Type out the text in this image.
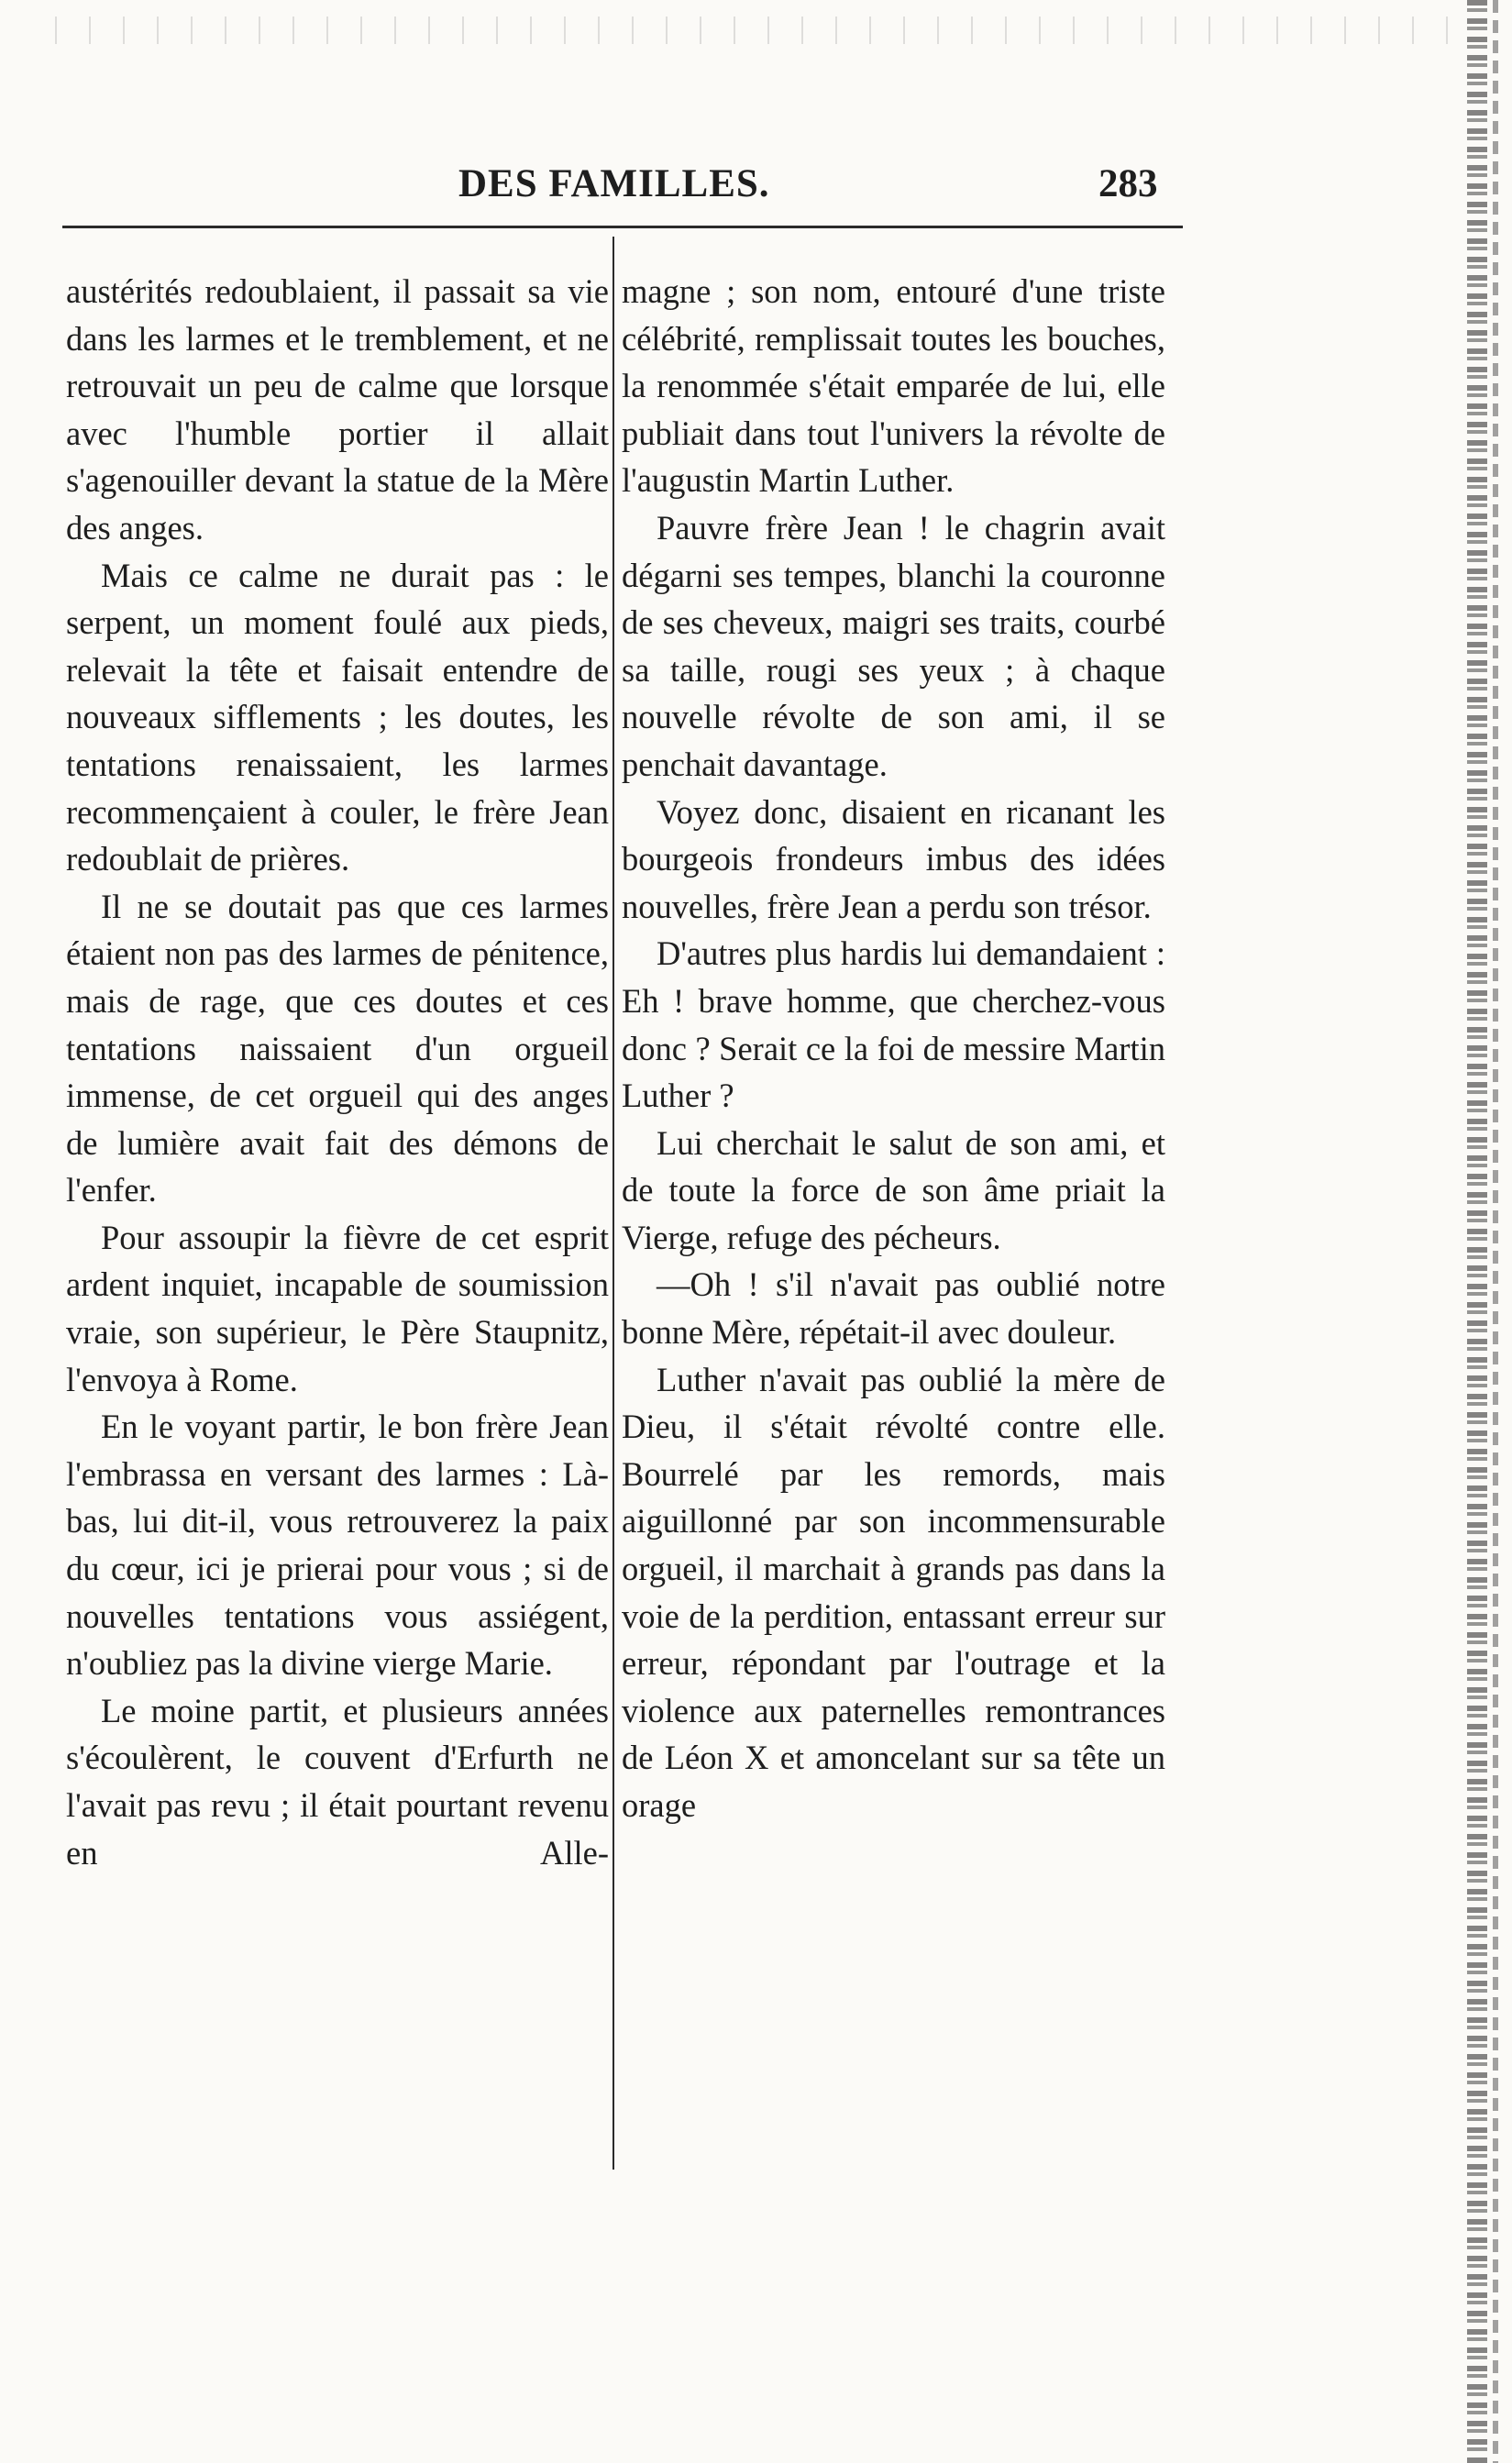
DES FAMILLES.	283

austérités redoublaient, il passait sa vie dans les larmes et le tremblement, et ne retrouvait un peu de calme que lorsque avec l'humble portier il allait s'agenouiller devant la statue de la Mère des anges.

Mais ce calme ne durait pas : le serpent, un moment foulé aux pieds, relevait la tête et faisait entendre de nouveaux sifflements ; les doutes, les tentations renaissaient, les larmes recommençaient à couler, le frère Jean redoublait de prières.

Il ne se doutait pas que ces larmes étaient non pas des larmes de pénitence, mais de rage, que ces doutes et ces tentations naissaient d'un orgueil immense, de cet orgueil qui des anges de lumière avait fait des démons de l'enfer.

Pour assoupir la fièvre de cet esprit ardent inquiet, incapable de soumission vraie, son supérieur, le Père Staupnitz, l'envoya à Rome.

En le voyant partir, le bon frère Jean l'embrassa en versant des larmes : Là-bas, lui dit-il, vous retrouverez la paix du cœur, ici je prierai pour vous ; si de nouvelles tentations vous assiégent, n'oubliez pas la divine vierge Marie.

Le moine partit, et plusieurs années s'écoulèrent, le couvent d'Erfurth ne l'avait pas revu ; il était pourtant revenu en Alle-

magne ; son nom, entouré d'une triste célébrité, remplissait toutes les bouches, la renommée s'était emparée de lui, elle publiait dans tout l'univers la révolte de l'augustin Martin Luther.

Pauvre frère Jean ! le chagrin avait dégarni ses tempes, blanchi la couronne de ses cheveux, maigri ses traits, courbé sa taille, rougi ses yeux ; à chaque nouvelle révolte de son ami, il se penchait davantage.

Voyez donc, disaient en ricanant les bourgeois frondeurs imbus des idées nouvelles, frère Jean a perdu son trésor.

D'autres plus hardis lui demandaient : Eh ! brave homme, que cherchez-vous donc ? Serait ce la foi de messire Martin Luther ?

Lui cherchait le salut de son ami, et de toute la force de son âme priait la Vierge, refuge des pécheurs.

—Oh ! s'il n'avait pas oublié notre bonne Mère, répétait-il avec douleur.

Luther n'avait pas oublié la mère de Dieu, il s'était révolté contre elle. Bourrelé par les remords, mais aiguillonné par son incommensurable orgueil, il marchait à grands pas dans la voie de la perdition, entassant erreur sur erreur, répondant par l'outrage et la violence aux paternelles remontrances de Léon X et amoncelant sur sa tête un orage
